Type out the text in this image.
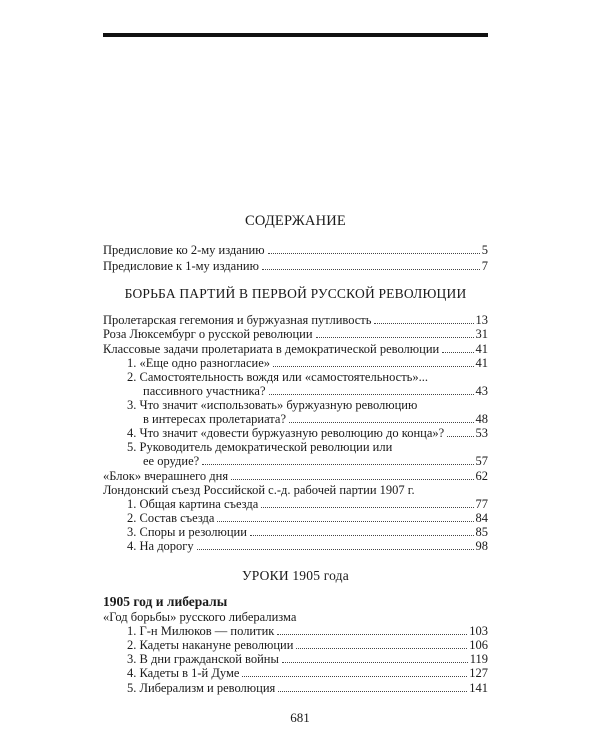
СОДЕРЖАНИЕ
Предисловие ко 2-му изданию	5
Предисловие к 1-му изданию	7
БОРЬБА ПАРТИЙ В ПЕРВОЙ РУССКОЙ РЕВОЛЮЦИИ
Пролетарская гегемония и буржуазная путливость	13
Роза Люксембург о русской революции	31
Классовые задачи пролетариата в демократической революции	41
1. «Еще одно разногласие»	41
2. Самостоятельность вождя или «самостоятельность»...
пассивного участника?	43
3. Что значит «использовать» буржуазную революцию
в интересах пролетариата?	48
4. Что значит «довести буржуазную революцию до конца»?	53
5. Руководитель демократической революции или
ее орудие?	57
«Блок» вчерашнего дня	62
Лондонский съезд Российской с.-д. рабочей партии 1907 г.
1. Общая картина съезда	77
2. Состав съезда	84
3. Споры и резолюции	85
4. На дорогу	98
УРОКИ 1905 года
1905 год и либералы
«Год борьбы» русского либерализма
1. Г-н Милюков — политик	103
2. Кадеты накануне революции	106
3. В дни гражданской войны	119
4. Кадеты в 1-й Думе	127
5. Либерализм и революция	141
681
